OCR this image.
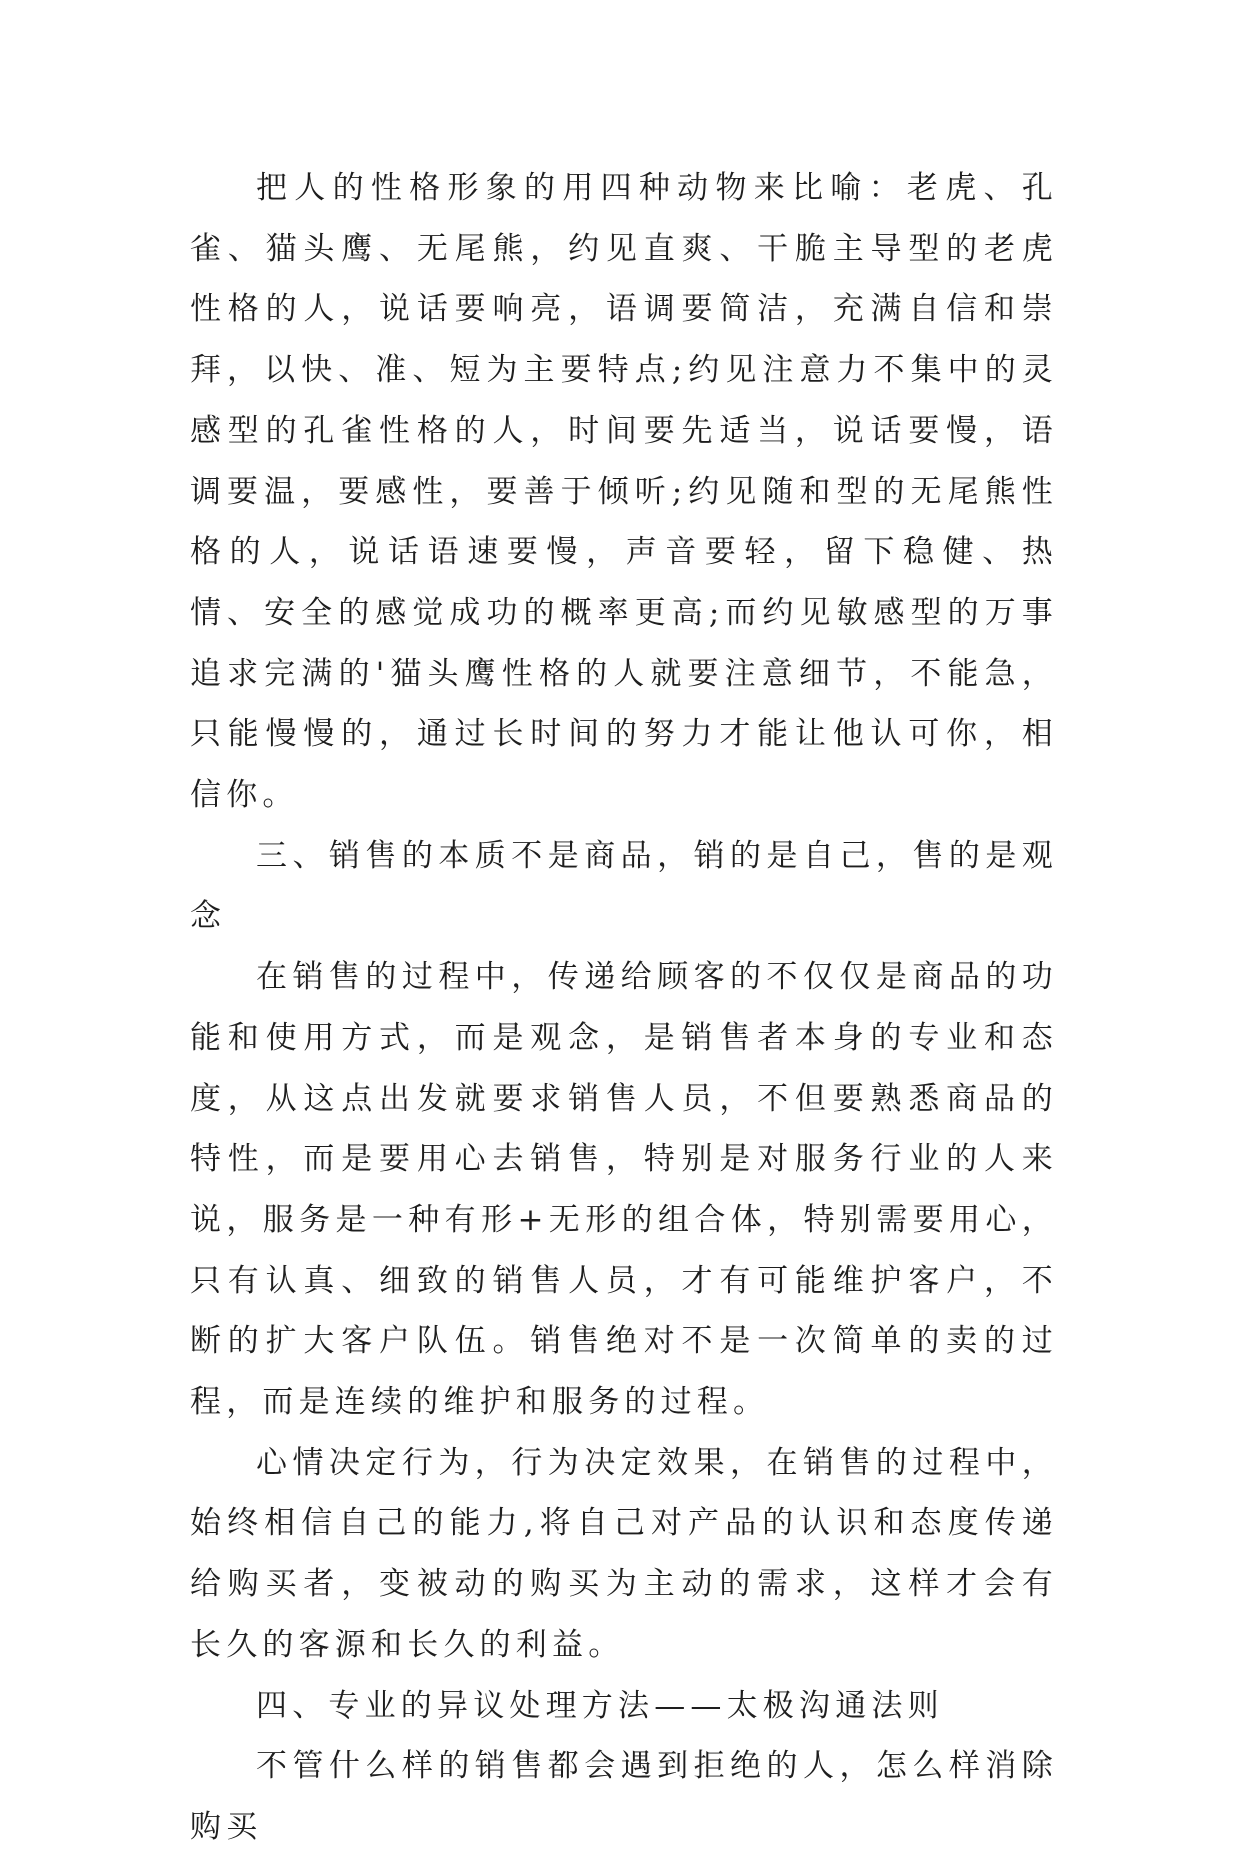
把人的性格形象的用四种动物来比喻：老虎、孔雀、猫头鹰、无尾熊，约见直爽、干脆主导型的老虎性格的人，说话要响亮，语调要简洁，充满自信和崇拜，以快、准、短为主要特点;约见注意力不集中的灵感型的孔雀性格的人，时间要先适当，说话要慢，语调要温，要感性，要善于倾听;约见随和型的无尾熊性格的人，说话语速要慢，声音要轻，留下稳健、热情、安全的感觉成功的概率更高;而约见敏感型的万事追求完满的'猫头鹰性格的人就要注意细节，不能急，只能慢慢的，通过长时间的努力才能让他认可你，相信你。

三、销售的本质不是商品，销的是自己，售的是观念

在销售的过程中，传递给顾客的不仅仅是商品的功能和使用方式，而是观念，是销售者本身的专业和态度，从这点出发就要求销售人员，不但要熟悉商品的特性，而是要用心去销售，特别是对服务行业的人来说，服务是一种有形+无形的组合体，特别需要用心，只有认真、细致的销售人员，才有可能维护客户，不断的扩大客户队伍。销售绝对不是一次简单的卖的过程，而是连续的维护和服务的过程。

心情决定行为，行为决定效果，在销售的过程中，始终相信自己的能力,将自己对产品的认识和态度传递给购买者，变被动的购买为主动的需求，这样才会有长久的客源和长久的利益。

四、专业的异议处理方法——太极沟通法则

不管什么样的销售都会遇到拒绝的人，怎么样消除购买
